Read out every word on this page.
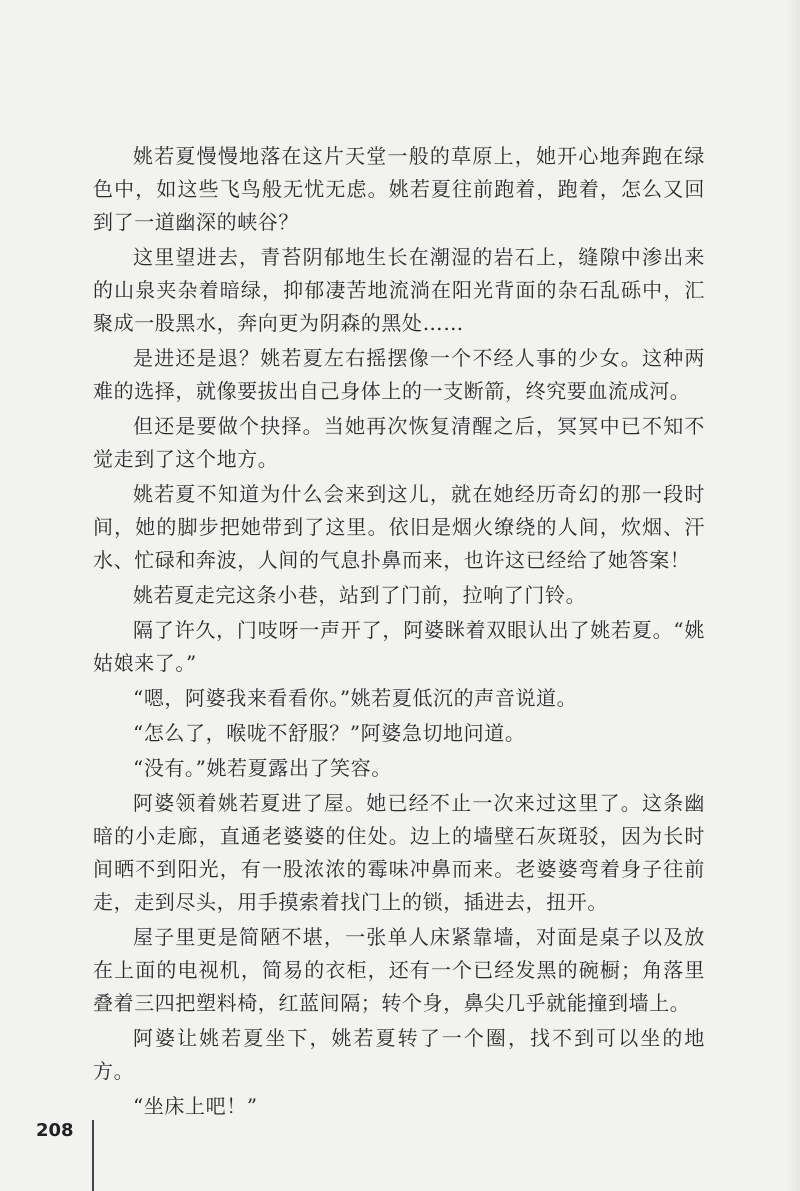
姚若夏慢慢地落在这片天堂一般的草原上，她开心地奔跑在绿色中，如这些飞鸟般无忧无虑。姚若夏往前跑着，跑着，怎么又回到了一道幽深的峡谷？

这里望进去，青苔阴郁地生长在潮湿的岩石上，缝隙中渗出来的山泉夹杂着暗绿，抑郁凄苦地流淌在阳光背面的杂石乱砾中，汇聚成一股黑水，奔向更为阴森的黑处……

是进还是退？姚若夏左右摇摆像一个不经人事的少女。这种两难的选择，就像要拔出自己身体上的一支断箭，终究要血流成河。

但还是要做个抉择。当她再次恢复清醒之后，冥冥中已不知不觉走到了这个地方。

姚若夏不知道为什么会来到这儿，就在她经历奇幻的那一段时间，她的脚步把她带到了这里。依旧是烟火缭绕的人间，炊烟、汗水、忙碌和奔波，人间的气息扑鼻而来，也许这已经给了她答案！

姚若夏走完这条小巷，站到了门前，拉响了门铃。

隔了许久，门吱呀一声开了，阿婆眯着双眼认出了姚若夏。“姚姑娘来了。”

“嗯，阿婆我来看看你。”姚若夏低沉的声音说道。

“怎么了，喉咙不舒服？”阿婆急切地问道。

“没有。”姚若夏露出了笑容。

阿婆领着姚若夏进了屋。她已经不止一次来过这里了。这条幽暗的小走廊，直通老婆婆的住处。边上的墙壁石灰斑驳，因为长时间晒不到阳光，有一股浓浓的霉味冲鼻而来。老婆婆弯着身子往前走，走到尽头，用手摸索着找门上的锁，插进去，扭开。

屋子里更是简陋不堪，一张单人床紧靠墙，对面是桌子以及放在上面的电视机，简易的衣柜，还有一个已经发黑的碗橱；角落里叠着三四把塑料椅，红蓝间隔；转个身，鼻尖几乎就能撞到墙上。

阿婆让姚若夏坐下，姚若夏转了一个圈，找不到可以坐的地方。

“坐床上吧！”

208
